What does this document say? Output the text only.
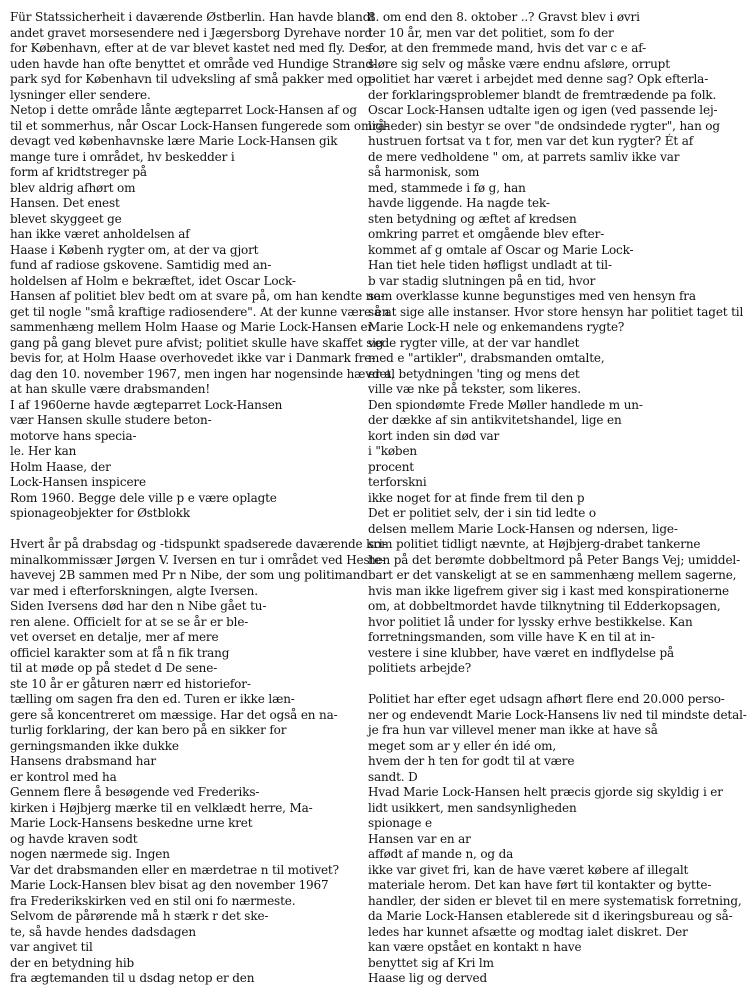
Für Statssicherheit i daværende Østberlin. Han havde blandt
andet gravet morsesendere ned i Jægersborg Dyrehave nord
for København, efter at de var blevet kastet ned med fly. Des-
uden havde han ofte benyttet et område ved Hundige Strand-
park syd for København til udveksling af små pakker med op-
lysninger eller sendere.
Netop i dette område lånte ægteparret Lock-Hansen af og
til et sommerhus, når Oscar Lock-Hansen fungerede som områ-
devagt ved københavnske lære Marie Lock-Hansen gik
mange ture i området, hv beskedder i
form af kridtstreger på
blev aldrig afhørt om
Hansen. Det enest
blevet skyggeet ge
han ikke været anholdelsen af
Haase i Københ rygter om, at der va gjort
fund af radiose gskovene. Samtidig med an-
holdelsen af Holm e bekræftet, idet Oscar Lock-
Hansen af politiet blev bedt om at svare på, om han kendte no-
get til nogle "små kraftige radiosendere". At der kunne være en
sammenhæng mellem Holm Haase og Marie Lock-Hansen er
gang på gang blevet pure afvist; politiet skulle have skaffet sig
bevis for, at Holm Haase overhovedet ikke var i Danmark fre-
dag den 10. november 1967, men ingen har nogensinde hævdet,
at han skulle være drabsmanden!
I af 1960erne havde ægteparret Lock-Hansen
vær Hansen skulle studere beton-
motorve hans specia-
le. Her kan
Holm Haase, der
Lock-Hansen inspicere
Rom 1960. Begge dele ville p e være oplagte
spionageobjekter for Østblokk
Hvert år på drabsdag og -tidspunkt spadserede daværende kri-
minalkommissær Jørgen V. Iversen en tur i området ved Heste-
havevej 2B sammen med Pr n Nibe, der som ung politimand
var med i efterforskningen, algte Iversen.
Siden Iversens død har den n Nibe gået tu-
ren alene. Officielt for at se se år er ble-
vet overset en detalje, mer af mere
officiel karakter som at få n fik trang
til at møde op på stedet d De sene-
ste 10 år er gåturen nærr ed historiefor-
tælling om sagen fra den ed. Turen er ikke læn-
gere så koncentreret om mæssige. Har det også en na-
turlig forklaring, der kan bero på en sikker for
gerningsmanden ikke dukke
Hansens drabsmand har
er kontrol med ha
Gennem flere å besøgende ved Frederiks-
kirken i Højbjerg mærke til en velklædt herre, Ma-
Marie Lock-Hansens beskedne urne kret
og havde kraven sodt
nogen nærmede sig. Ingen
Var det drabsmanden eller en mærdetrae n til motivet?
Marie Lock-Hansen blev bisat ag den november 1967
fra Frederikskirken ved en stil oni fo nærmeste.
Selvom de pårørende må h stærk r det ske-
te, så havde hendes dadsdagen
var angivet til
der en betydning hib
fra ægtemanden til u dsdag netop er den
8. om end den 8. oktober ..? Gravst blev i øvri
ter 10 år, men var det politiet, som fo der
for, at den fremmede mand, hvis det var c e af-
sløre sig selv og måske være endnu afsløre, orrupt
politiet har været i arbejdet med denne sag? Opk efterla-
der forklaringsproblemer blandt de fremtrædende pa folk.
Oscar Lock-Hansen udtalte igen og igen (ved passende lej-
ligheder) sin bestyr se over "de ondsindede rygter", han og
hustruen fortsat va t for, men var det kun rygter? Ét af
de mere vedholdene " om, at parrets samliv ikke var
så harmonisk, som
med, stammede i fø g, han
havde liggende. Ha nagde tek-
sten betydning og æftet af kredsen
omkring parret et omgående blev efter-
kommet af g omtale af Oscar og Marie Lock-
Han tiet hele tiden høfligst undladt at til-
b var stadig slutningen på en tid, hvor
sam overklasse kunne begunstiges med ven hensyn fra
så at sige alle instanser. Hvor store hensyn har politiet taget til
Marie Lock-H nele og enkemandens rygte?
vede rygter ville, at der var handlet
med e "artikler", drabsmanden omtalte,
er al betydningen 'ting og mens det
ville væ nke på tekster, som likeres.
Den spiondømte Frede Møller handlede m un-
der dække af sin antikvitetshandel, lige en
kort inden sin død var
i "køben
procent
terforskni
ikke noget for at finde frem til den p
Det er politiet selv, der i sin tid ledte o
delsen mellem Marie Lock-Hansen og ndersen, lige-
som politiet tidligt nævnte, at Højbjerg-drabet tankerne
hen på det berømte dobbeltmord på Peter Bangs Vej; umiddel-
bart er det vanskeligt at se en sammenhæng mellem sagerne,
hvis man ikke ligefrem giver sig i kast med konspirationerne
om, at dobbeltmordet havde tilknytning til Edderkopsagen,
hvor politiet lå under for lyssky erhve bestikkelse. Kan
forretningsmanden, som ville have K en til at in-
vestere i sine klubber, have været en indflydelse på
politiets arbejde?
Politiet har efter eget udsagn afhørt flere end 20.000 perso-
ner og endevendt Marie Lock-Hansens liv ned til mindste detal-
je fra hun var villevel mener man ikke at have så
meget som ar y eller én idé om,
hvem der h ten for godt til at være
sandt. D
Hvad Marie Lock-Hansen helt præcis gjorde sig skyldig i er
lidt usikkert, men sandsynligheden
spionage e
Hansen var en ar
affødt af mande n, og da
ikke var givet fri, kan de have været købere af illegalt
materiale herom. Det kan have ført til kontakter og bytte-
handler, der siden er blevet til en mere systematisk forretning,
da Marie Lock-Hansen etablerede sit d ikeringsbureau og så-
ledes har kunnet afsætte og modtag ialet diskret. Der
kan være opstået en kontakt n have
benyttet sig af Kri lm
Haase lig og derved
